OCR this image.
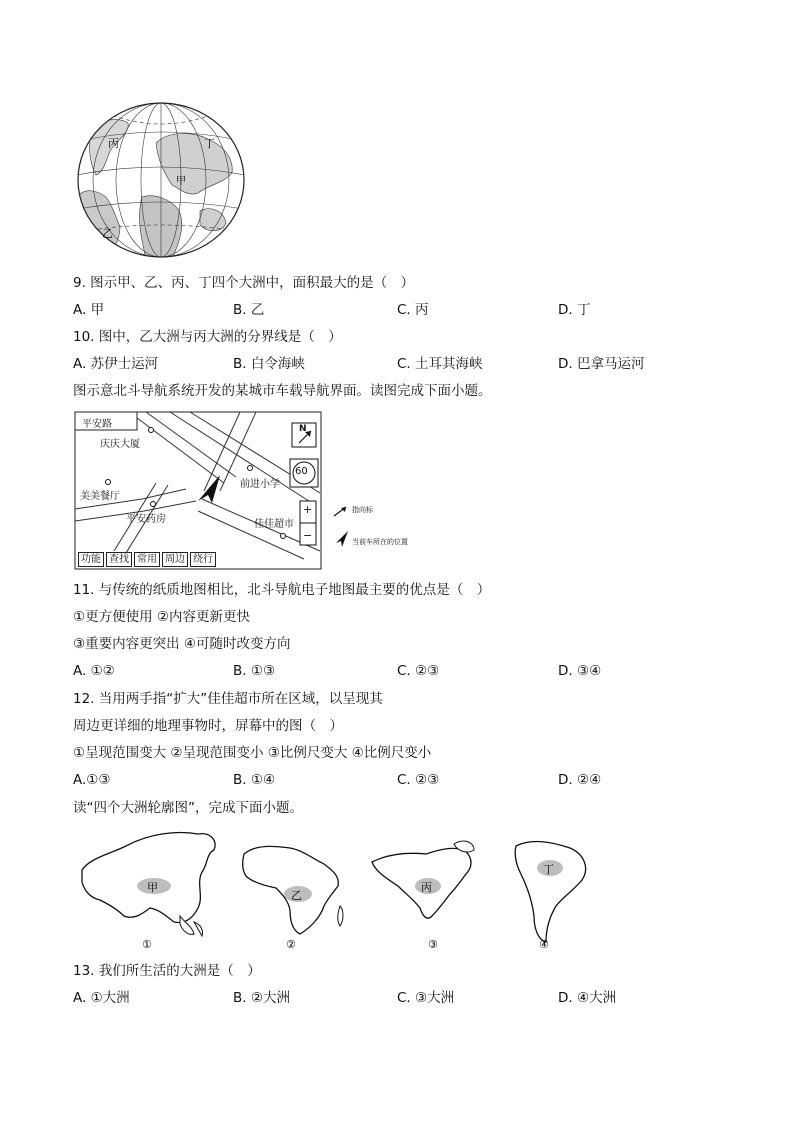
丙	丁
甲
乙
9. 图示甲、乙、丙、丁四个大洲中，面积最大的是（　）
A. 甲	B. 乙	C. 丙	D. 丁
10. 图中，乙大洲与丙大洲的分界线是（　）
A. 苏伊士运河	B. 白令海峡	C. 土耳其海峡	D. 巴拿马运河
图示意北斗导航系统开发的某城市车载导航界面。读图完成下面小题。
平安路
庆庆大厦
美美餐厅
平安药房
前进小学
佳佳超市
N
60
+
−
功能 查找 常用 周边 绕行
指向标
当前车所在的位置
11. 与传统的纸质地图相比，北斗导航电子地图最主要的优点是（　）
①更方便使用 ②内容更新更快
③重要内容更突出 ④可随时改变方向
A. ①②	B. ①③	C. ②③	D. ③④
12. 当用两手指“扩大”佳佳超市所在区域，以呈现其
周边更详细的地理事物时，屏幕中的图（　）
①呈现范围变大 ②呈现范围变小 ③比例尺变大 ④比例尺变小
A.①③	B. ①④	C. ②③	D. ②④
读“四个大洲轮廓图”，完成下面小题。
甲
①
乙
②
丙
③
丁
④
13. 我们所生活的大洲是（　）
A. ①大洲	B. ②大洲	C. ③大洲	D. ④大洲
